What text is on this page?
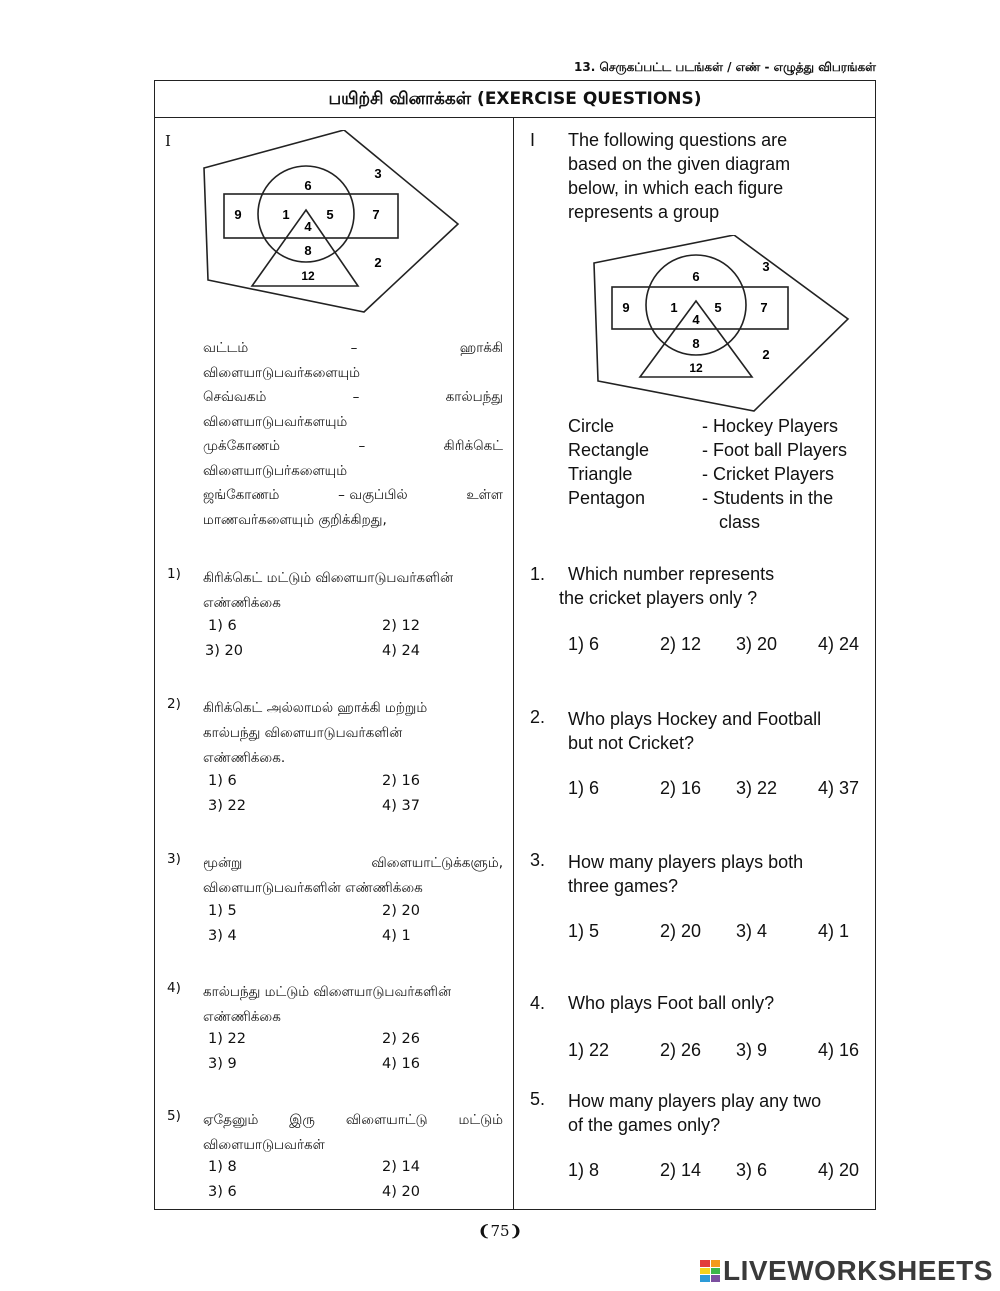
13. செருகப்பட்ட படங்கள் / எண் - எழுத்து விபரங்கள்
பயிற்சி வினாக்கள் (EXERCISE QUESTIONS)
I
6
9	1
4
5	7
3
8
12
2
வட்டம்	–	ஹாக்கி
விளையாடுபவர்களையும்
செவ்வகம்	–	கால்பந்து
விளையாடுபவர்களயும்
முக்கோணம்	–	கிரிக்கெட்
விளையாடுபர்களையும்
ஜங்கோணம்	– வகுப்பில்	உள்ள
மாணவர்களையும் குறிக்கிறது,
1) கிரிக்கெட் மட்டும் விளையாடுபவர்களின்
எண்ணிக்கை
1) 6	2) 12
3) 20	4) 24
2) கிரிக்கெட் அல்லாமல் ஹாக்கி மற்றும்
கால்பந்து விளையாடுபவர்களின்
எண்ணிக்கை.
1) 6	2) 16
3) 22	4) 37
3) மூன்று விளையாட்டுக்களும்,
விளையாடுபவர்களின் எண்ணிக்கை
1) 5	2) 20
3) 4	4) 1
4) கால்பந்து மட்டும் விளையாடுபவர்களின்
எண்ணிக்கை
1) 22	2) 26
3) 9	4) 16
5) ஏதேனும் இரு விளையாட்டு மட்டும்
விளையாடுபவர்கள்
1) 8	2) 14
3) 6	4) 20
I The following questions are
based on the given diagram
below, in which each figure
represents a group
6
9	1
4
5	7
3
8
12
2
Circle	- Hockey Players
Rectangle	- Foot ball Players
Triangle	- Cricket Players
Pentagon	- Students in the
class
1. Which number represents
the cricket players only ?
1) 6	2) 12 3) 20 4) 24
2. Who plays Hockey and Football
but not Cricket?
1) 6	2) 16 3) 22 4) 37
3. How many players plays both
three games?
1) 5	2) 20 3) 4	4) 1
4. Who plays Foot ball only?
1) 22	2) 26 3) 9	4) 16
5. How many players play any two
of the games only?
1) 8	2) 14 3) 6	4) 20
❨75❩
LIVEWORKSHEETS
